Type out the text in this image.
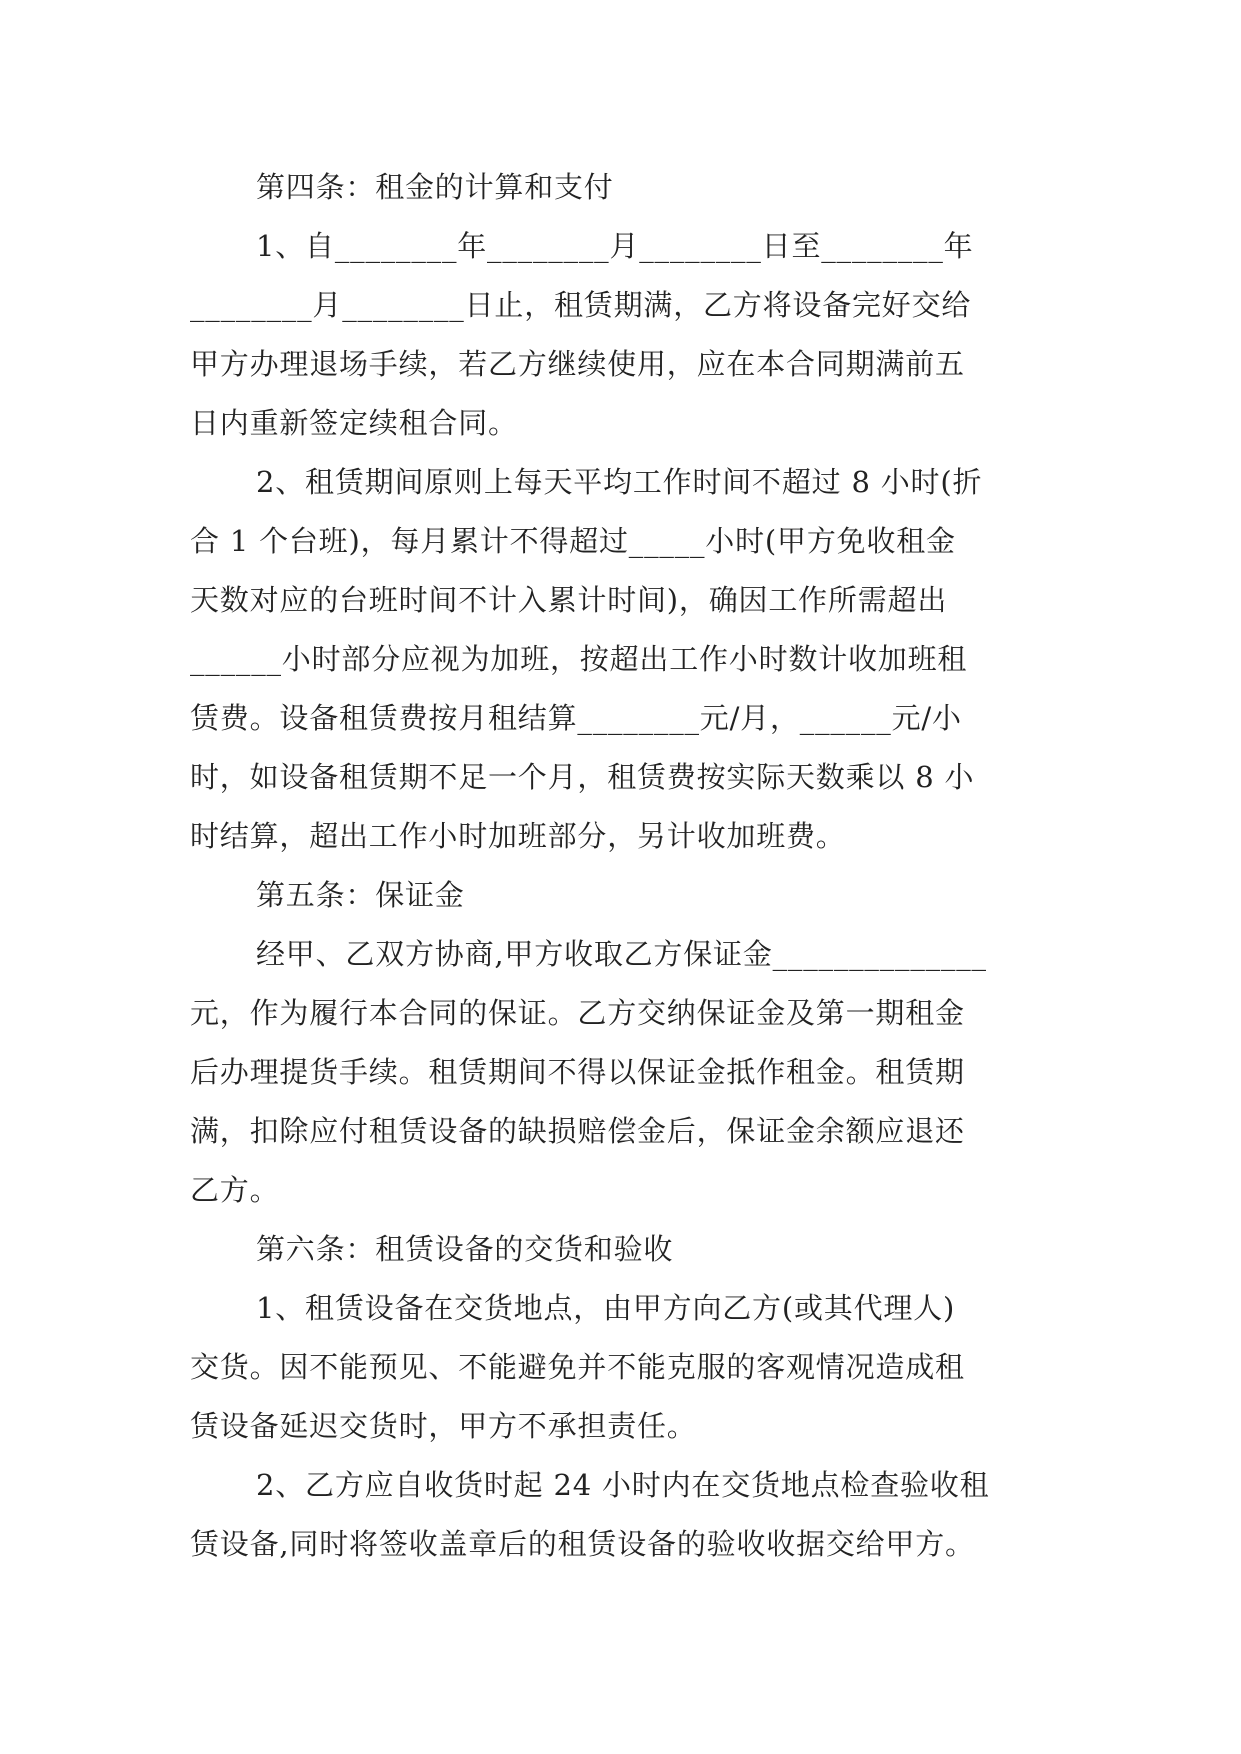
第四条：租金的计算和支付
1、自________年________月________日至________年
________月________日止，租赁期满，乙方将设备完好交给
甲方办理退场手续，若乙方继续使用，应在本合同期满前五
日内重新签定续租合同。
2、租赁期间原则上每天平均工作时间不超过 8 小时(折
合 1 个台班)，每月累计不得超过_____小时(甲方免收租金
天数对应的台班时间不计入累计时间)，确因工作所需超出
______小时部分应视为加班，按超出工作小时数计收加班租
赁费。设备租赁费按月租结算________元/月，______元/小
时，如设备租赁期不足一个月，租赁费按实际天数乘以 8 小
时结算，超出工作小时加班部分，另计收加班费。
第五条：保证金
经甲、乙双方协商,甲方收取乙方保证金______________
元，作为履行本合同的保证。乙方交纳保证金及第一期租金
后办理提货手续。租赁期间不得以保证金抵作租金。租赁期
满，扣除应付租赁设备的缺损赔偿金后，保证金余额应退还
乙方。
第六条：租赁设备的交货和验收
1、租赁设备在交货地点，由甲方向乙方(或其代理人)
交货。因不能预见、不能避免并不能克服的客观情况造成租
赁设备延迟交货时，甲方不承担责任。
2、乙方应自收货时起 24 小时内在交货地点检查验收租
赁设备,同时将签收盖章后的租赁设备的验收收据交给甲方。
